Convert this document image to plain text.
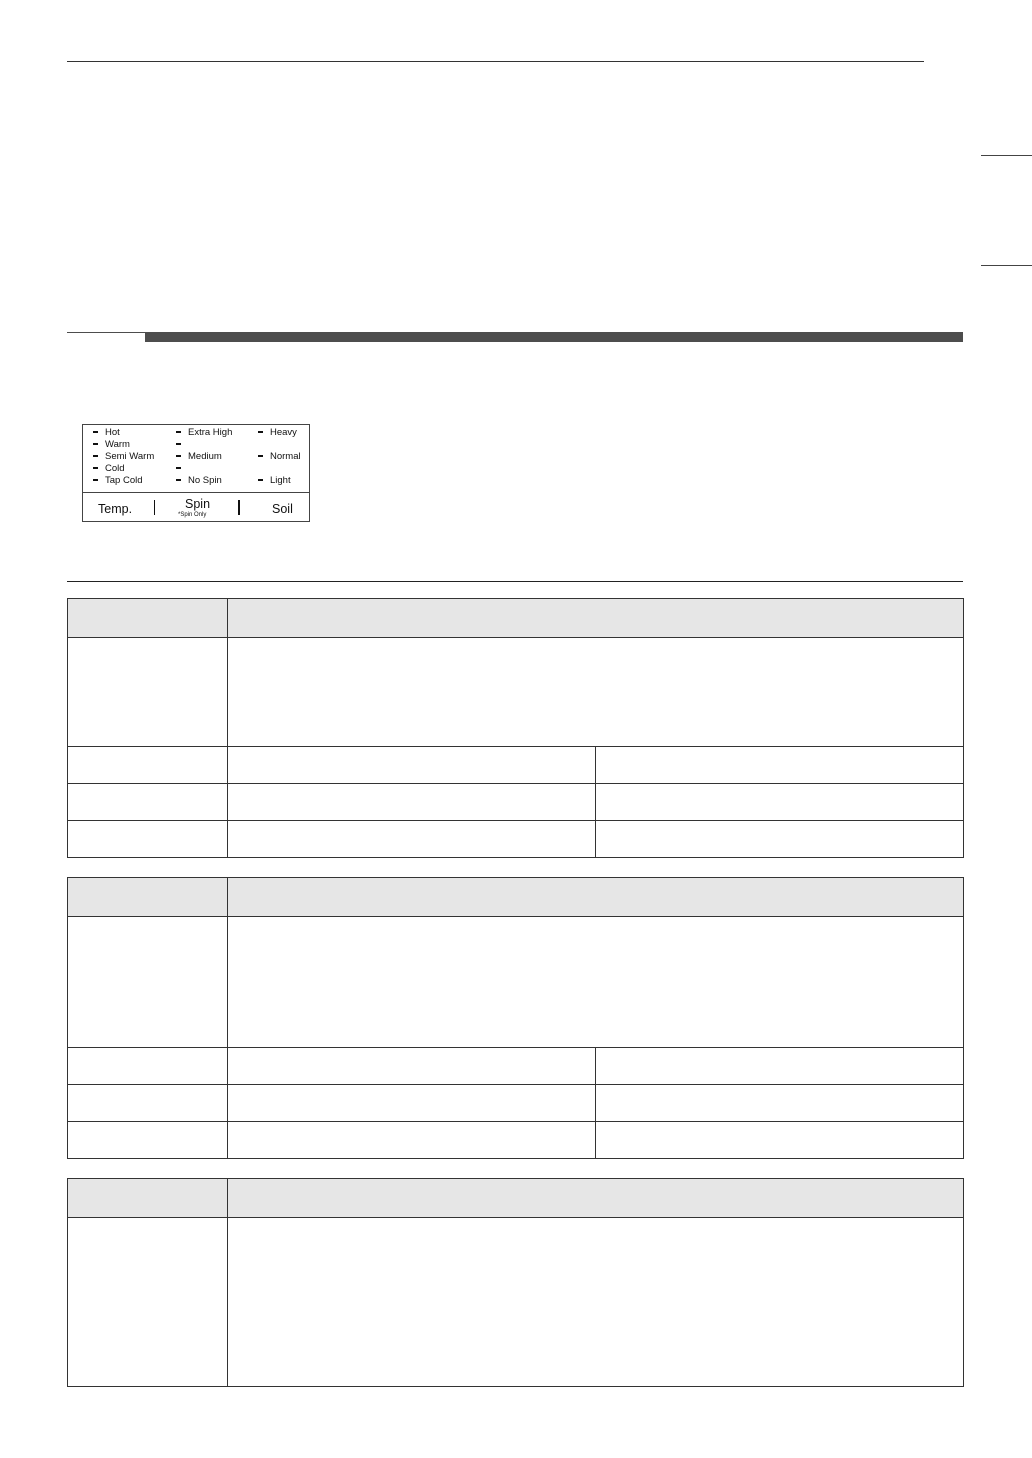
Hot
Warm
Semi Warm
Cold
Tap Cold
Extra High
Medium
No Spin
Heavy

Normal

Light
Temp.	Spin
*Spin Only	Soil
